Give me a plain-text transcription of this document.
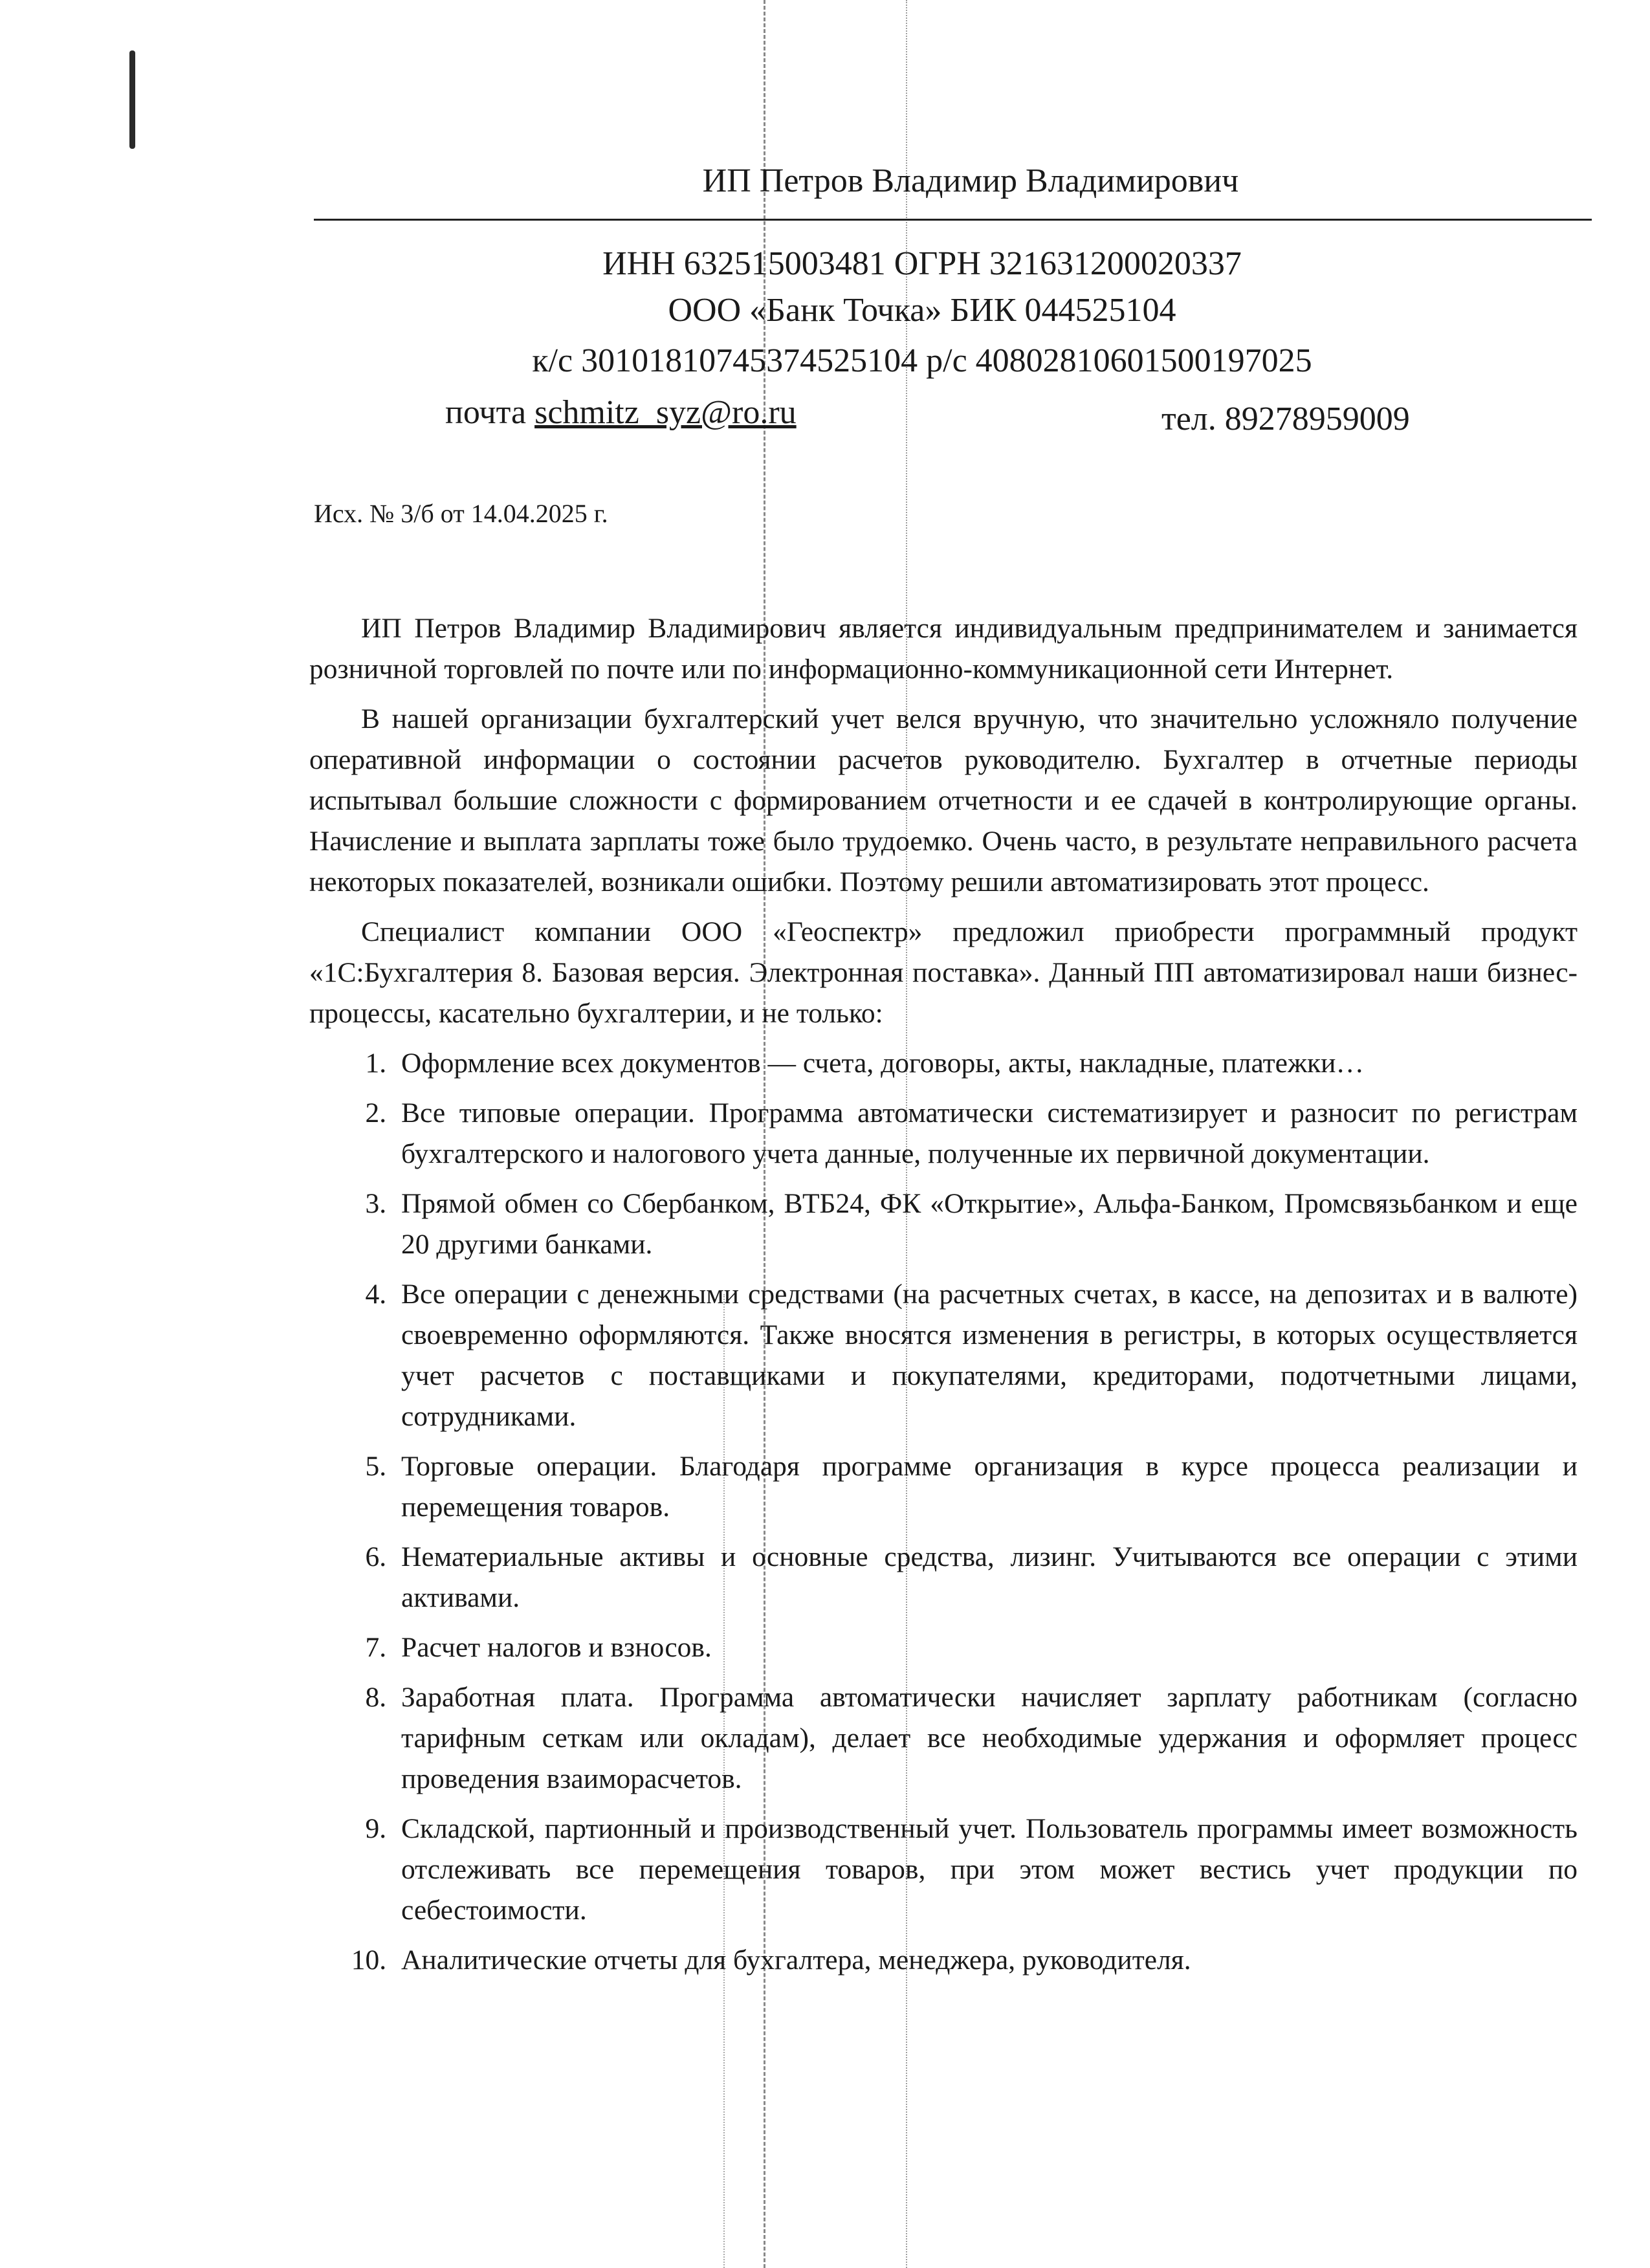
ИП Петров Владимир Владимирович
ИНН 632515003481 ОГРН 321631200020337
ООО «Банк Точка» БИК 044525104
к/с 30101810745374525104 р/с 40802810601500197025
почта schmitz_syz@ro.ru	тел. 89278959009
Исх. № 3/б от 14.04.2025 г.

ИП Петров Владимир Владимирович является индивидуальным предпринимателем и занимается розничной торговлей по почте или по информационно-коммуникационной сети Интернет.

В нашей организации бухгалтерский учет велся вручную, что значительно усложняло получение оперативной информации о состоянии расчетов руководителю. Бухгалтер в отчетные периоды испытывал большие сложности с формированием отчетности и ее сдачей в контролирующие органы. Начисление и выплата зарплаты тоже было трудоемко. Очень часто, в результате неправильного расчета некоторых показателей, возникали ошибки. Поэтому решили автоматизировать этот процесс.

Специалист компании ООО «Геоспектр» предложил приобрести программный продукт «1С:Бухгалтерия 8. Базовая версия. Электронная поставка». Данный ПП автоматизировал наши бизнес-процессы, касательно бухгалтерии, и не только:

1. Оформление всех документов — счета, договоры, акты, накладные, платежки…
2. Все типовые операции. Программа автоматически систематизирует и разносит по регистрам бухгалтерского и налогового учета данные, полученные их первичной документации.
3. Прямой обмен со Сбербанком, ВТБ24, ФК «Открытие», Альфа-Банком, Промсвязьбанком и еще 20 другими банками.
4. Все операции с денежными средствами (на расчетных счетах, в кассе, на депозитах и в валюте) своевременно оформляются. Также вносятся изменения в регистры, в которых осуществляется учет расчетов с поставщиками и покупателями, кредиторами, подотчетными лицами, сотрудниками.
5. Торговые операции. Благодаря программе организация в курсе процесса реализации и перемещения товаров.
6. Нематериальные активы и основные средства, лизинг. Учитываются все операции с этими активами.
7. Расчет налогов и взносов.
8. Заработная плата. Программа автоматически начисляет зарплату работникам (согласно тарифным сеткам или окладам), делает все необходимые удержания и оформляет процесс проведения взаиморасчетов.
9. Складской, партионный и производственный учет. Пользователь программы имеет возможность отслеживать все перемещения товаров, при этом может вестись учет продукции по себестоимости.
10. Аналитические отчеты для бухгалтера, менеджера, руководителя.
